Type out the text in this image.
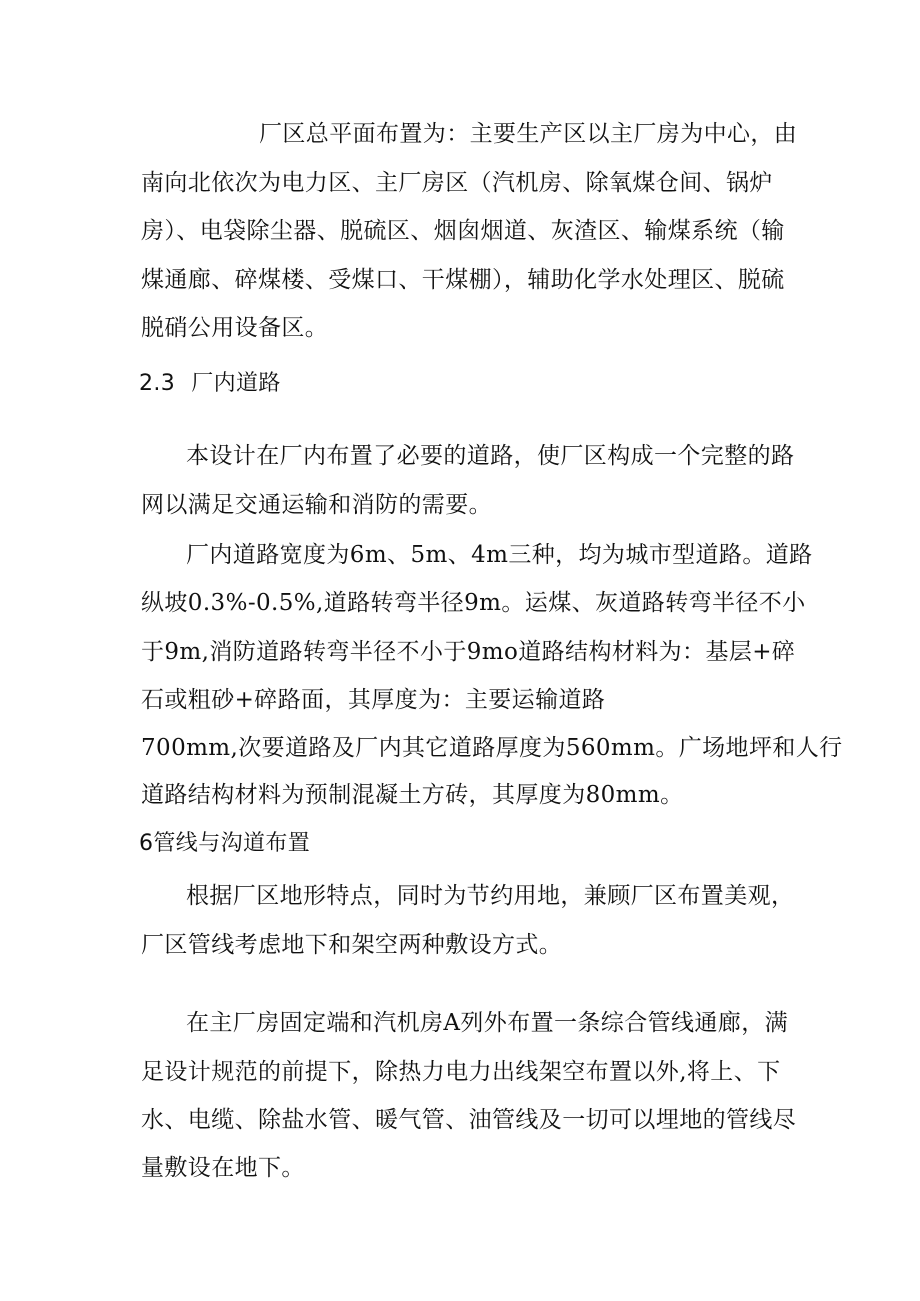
厂区总平面布置为：主要生产区以主厂房为中心，由
南向北依次为电力区、主厂房区（汽机房、除氧煤仓间、锅炉
房）、电袋除尘器、脱硫区、烟囱烟道、灰渣区、输煤系统（输
煤通廊、碎煤楼、受煤口、干煤棚），辅助化学水处理区、脱硫
脱硝公用设备区。
2.3 厂内道路
本设计在厂内布置了必要的道路，使厂区构成一个完整的路
网以满足交通运输和消防的需要。
厂内道路宽度为6m、5m、4m三种，均为城市型道路。道路
纵坡0.3%-0.5%,道路转弯半径9m。运煤、灰道路转弯半径不小
于9m,消防道路转弯半径不小于9mo道路结构材料为：基层+碎
石或粗砂+碎路面，其厚度为：主要运输道路
700mm,次要道路及厂内其它道路厚度为560mm。广场地坪和人行
道路结构材料为预制混凝土方砖，其厚度为80mm。
6管线与沟道布置
根据厂区地形特点，同时为节约用地，兼顾厂区布置美观，
厂区管线考虑地下和架空两种敷设方式。
在主厂房固定端和汽机房A列外布置一条综合管线通廊，满
足设计规范的前提下，除热力电力出线架空布置以外,将上、下
水、电缆、除盐水管、暖气管、油管线及一切可以埋地的管线尽
量敷设在地下。
